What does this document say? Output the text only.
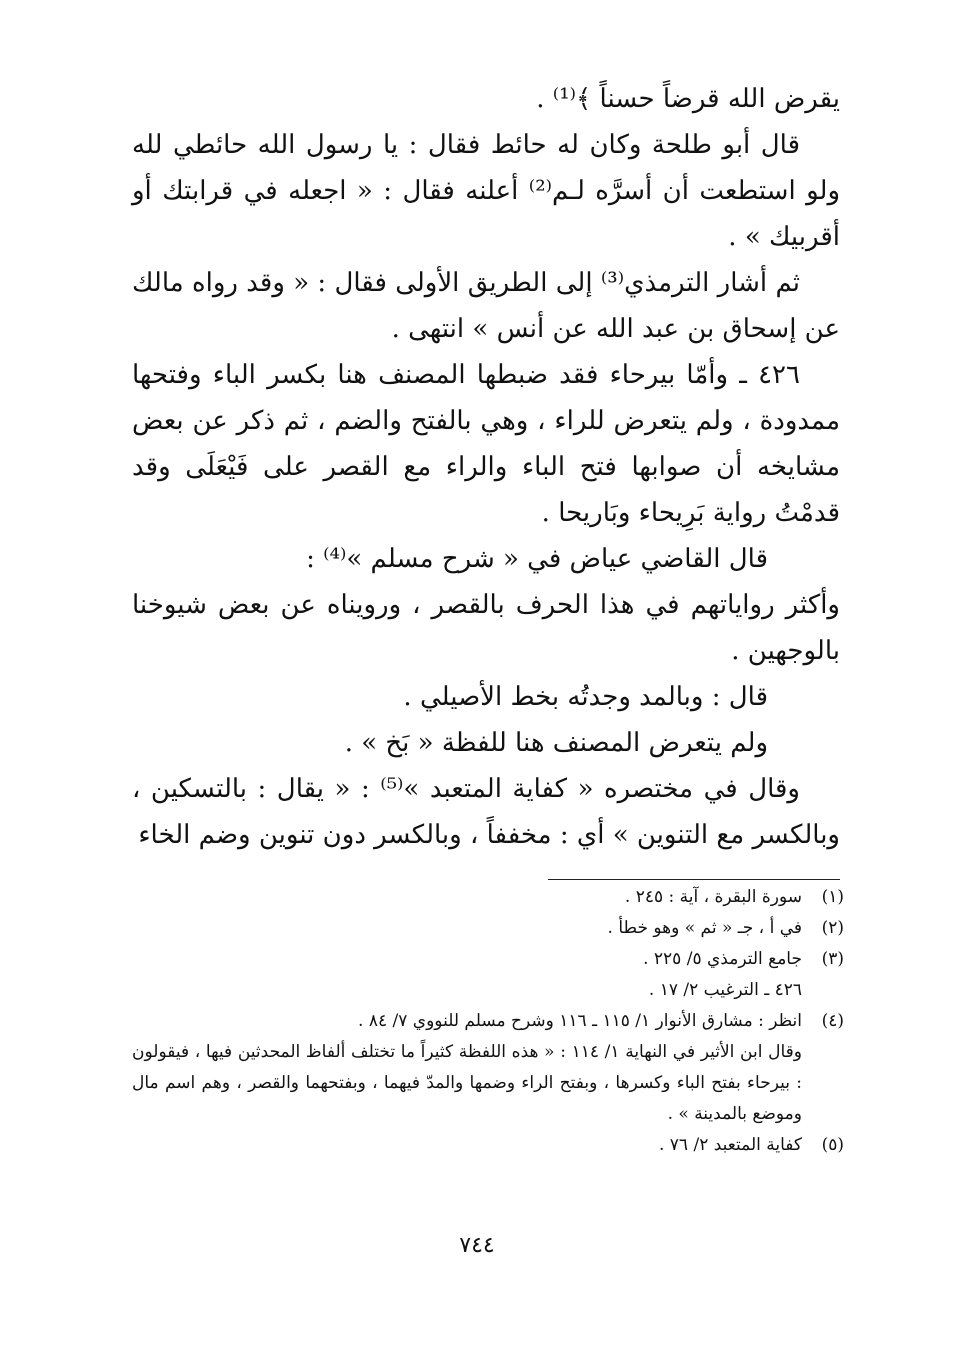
يقرض الله قرضاً حسناً ﴾⁽¹⁾ .

قال أبو طلحة وكان له حائط فقال : يا رسول الله حائطي لله ولو استطعت أن أسرَّه لـم⁽²⁾ أعلنه فقال : « اجعله في قرابتك أو أقربيك » .

ثم أشار الترمذي⁽³⁾ إلى الطريق الأولى فقال : « وقد رواه مالك عن إسحاق بن عبد الله عن أنس » انتهى .

٤٢٦ ـ وأمّا بيرحاء فقد ضبطها المصنف هنا بكسر الباء وفتحها ممدودة ، ولم يتعرض للراء ، وهي بالفتح والضم ، ثم ذكر عن بعض مشايخه أن صوابها فتح الباء والراء مع القصر على فَيْعَلَى وقد قدمْتُ رواية بَرِيحاء وبَاريحا .

قال القاضي عياض في « شرح مسلم »⁽⁴⁾ :

وأكثر رواياتهم في هذا الحرف بالقصر ، ورويناه عن بعض شيوخنا بالوجهين .

قال : وبالمد وجدتُه بخط الأصيلي .

ولم يتعرض المصنف هنا للفظة « بَخ » .

وقال في مختصره « كفاية المتعبد »⁽⁵⁾ : « يقال : بالتسكين ، وبالكسر مع التنوين » أي : مخففاً ، وبالكسر دون تنوين وضم الخاء

(١)
سورة البقرة ، آية : ٢٤٥ .
(٢)
في أ ، جـ « ثم » وهو خطأ .
(٣)
جامع الترمذي ٥/ ٢٢٥ .
٤٢٦ ـ الترغيب ٢/ ١٧ .
(٤)
انظر : مشارق الأنوار ١/ ١١٥ ـ ١١٦ وشرح مسلم للنووي ٧/ ٨٤ .
وقال ابن الأثير في النهاية ١/ ١١٤ : « هذه اللفظة كثيراً ما تختلف ألفاظ المحدثين فيها ، فيقولون : بيرحاء بفتح الباء وكسرها ، وبفتح الراء وضمها والمدّ فيهما ، وبفتحهما والقصر ، وهم اسم مال وموضع بالمدينة » .
(٥)
كفاية المتعبد ٢/ ٧٦ .
٧٤٤
